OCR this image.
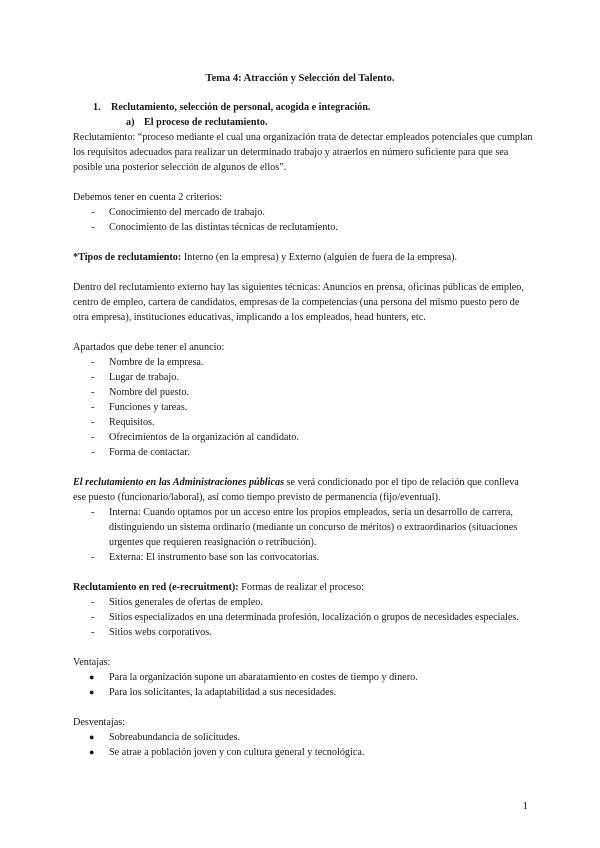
Tema 4: Atracción y Selección del Talento.
1. Reclutamiento, selección de personal, acogida e integración.
a) El proceso de reclutamiento.

Reclutamiento: “proceso mediante el cual una organización trata de detectar empleados potenciales que cumplan los requisitos adecuados para realizar un determinado trabajo y atraerlos en número suficiente para que sea posible una posterior selección de algunos de ellos”.

Debemos tener en cuenta 2 criterios:

- Conocimiento del mercado de trabajo.
- Conocimiento de las distintas técnicas de reclutamiento.

*Tipos de reclutamiento: Interno (en la empresa) y Externo (alguien de fuera de la empresa).

Dentro del reclutamiento externo hay las siguientes técnicas: Anuncios en prensa, oficinas públicas de empleo, centro de empleo, cartera de candidatos, empresas de la competencias (una persona del mismo puesto pero de otra empresa), instituciones educativas, implicando a los empleados, head hunters, etc.

Apartados que debe tener el anuncio:

- Nombre de la empresa.
- Lugar de trabajo.
- Nombre del puesto.
- Funciones y tareas.
- Requisitos.
- Ofrecimientos de la organización al candidato.
- Forma de contactar.

El reclutamiento en las Administraciones públicas se verá condicionado por el tipo de relación que conlleva ese puesto (funcionario/laboral), así como tiempo previsto de permanencia (fijo/eventual).

- Interna: Cuando optamos por un acceso entre los propios empleados, sería un desarrollo de carrera, distinguiendo un sistema ordinario (mediante un concurso de méritos) o extraordinarios (situaciones urgentes que requieren reasignación o retribución).
- Externa: El instrumento base son las convocatorias.

Reclutamiento en red (e-recruitment): Formas de realizar el proceso:

- Sitios generales de ofertas de empleo.
- Sitios especializados en una determinada profesión, localización o grupos de necesidades especiales.
- Sitios webs corporativos.

Ventajas:

● Para la organización supone un abaratamiento en costes de tiempo y dinero.
● Para los solicitantes, la adaptabilidad a sus necesidades.

Desventajas:

● Sobreabundancia de solicitudes.
● Se atrae a población joven y con cultura general y tecnológica.
1
